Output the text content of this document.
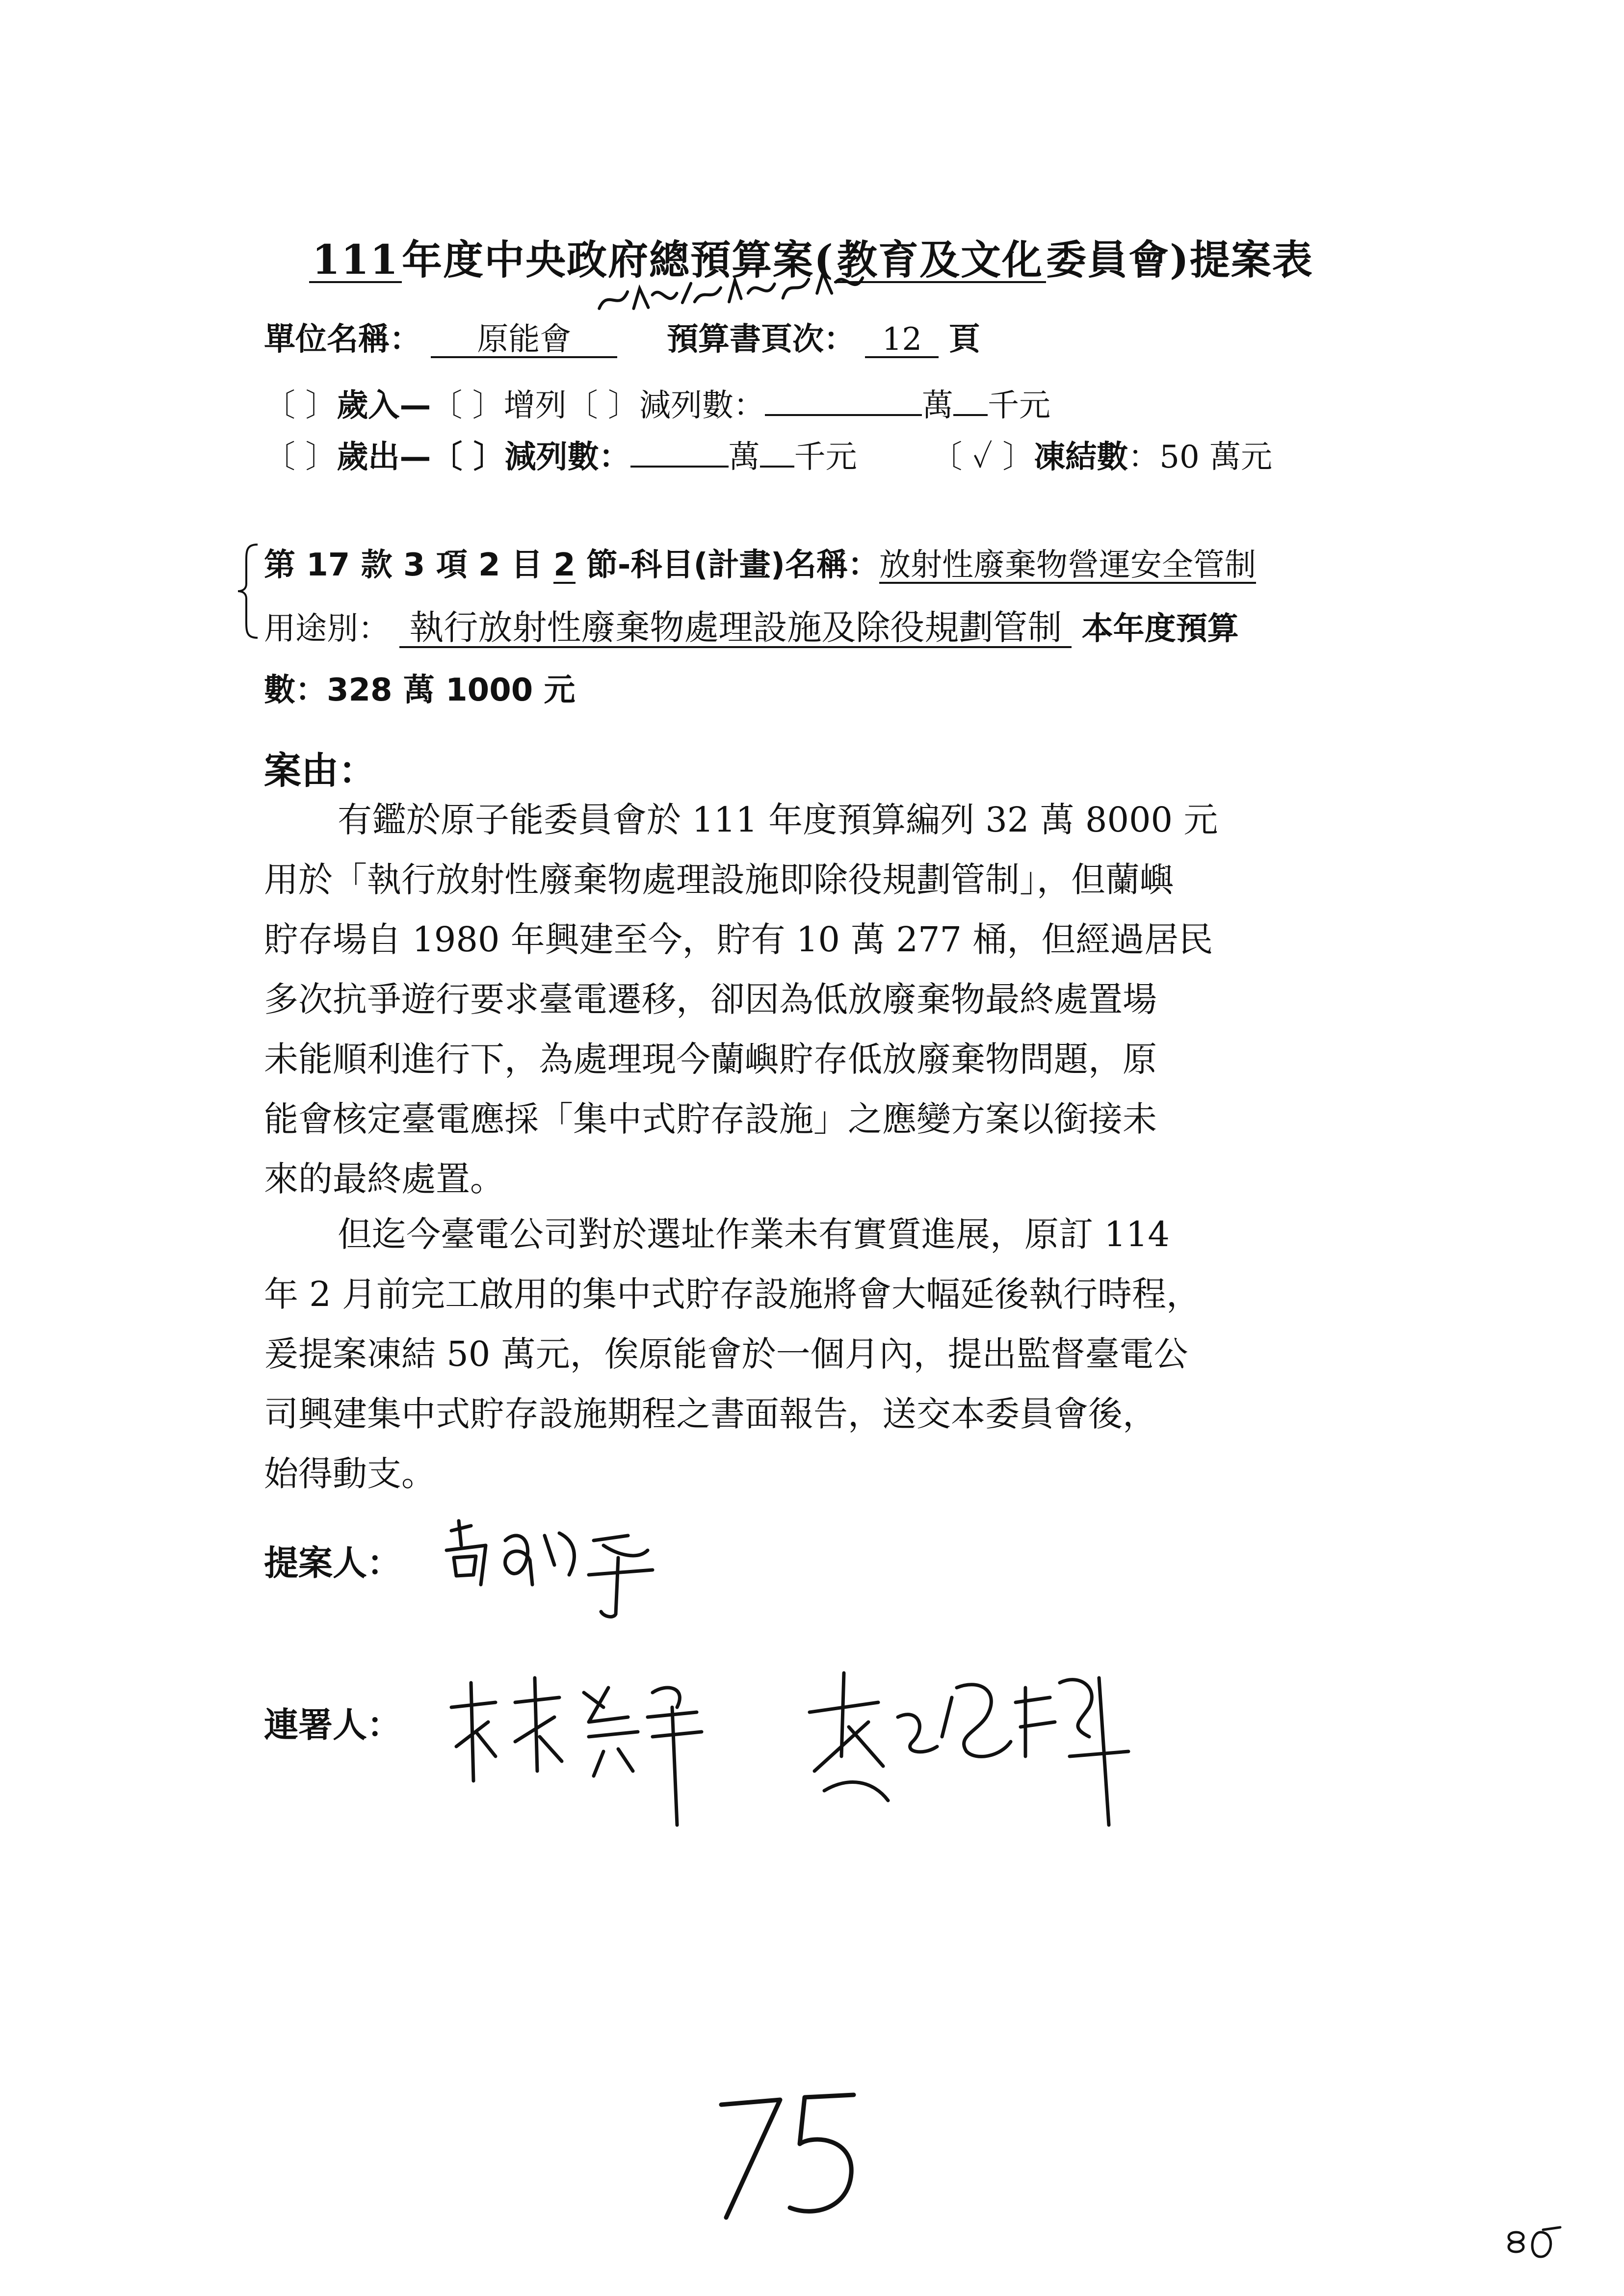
111年度中央政府總預算案(教育及文化委員會)提案表
單位名稱： 原能會	預算書頁次： 12 頁
〔 〕歲入—〔 〕增列〔 〕減列數：	萬 千元
〔 〕歲出—〔 〕減列數：	萬 千元 〔 ✓ 〕凍結數：50 萬元
第 17 款 3 項 2 目 2 節-科目(計畫)名稱：放射性廢棄物營運安全管制
用途別： 執行放射性廢棄物處理設施及除役規劃管制 本年度預算
數：328 萬 1000 元
案由：
有鑑於原子能委員會於 111 年度預算編列 32 萬 8000 元
用於「執行放射性廢棄物處理設施即除役規劃管制」，但蘭嶼
貯存場自 1980 年興建至今，貯有 10 萬 277 桶，但經過居民
多次抗爭遊行要求臺電遷移，卻因為低放廢棄物最終處置場
未能順利進行下，為處理現今蘭嶼貯存低放廢棄物問題，原
能會核定臺電應採「集中式貯存設施」之應變方案以銜接未
來的最終處置。
但迄今臺電公司對於選址作業未有實質進展，原訂 114
年 2 月前完工啟用的集中式貯存設施將會大幅延後執行時程，
爰提案凍結 50 萬元，俟原能會於一個月內，提出監督臺電公
司興建集中式貯存設施期程之書面報告，送交本委員會後，
始得動支。
提案人：
連署人：
